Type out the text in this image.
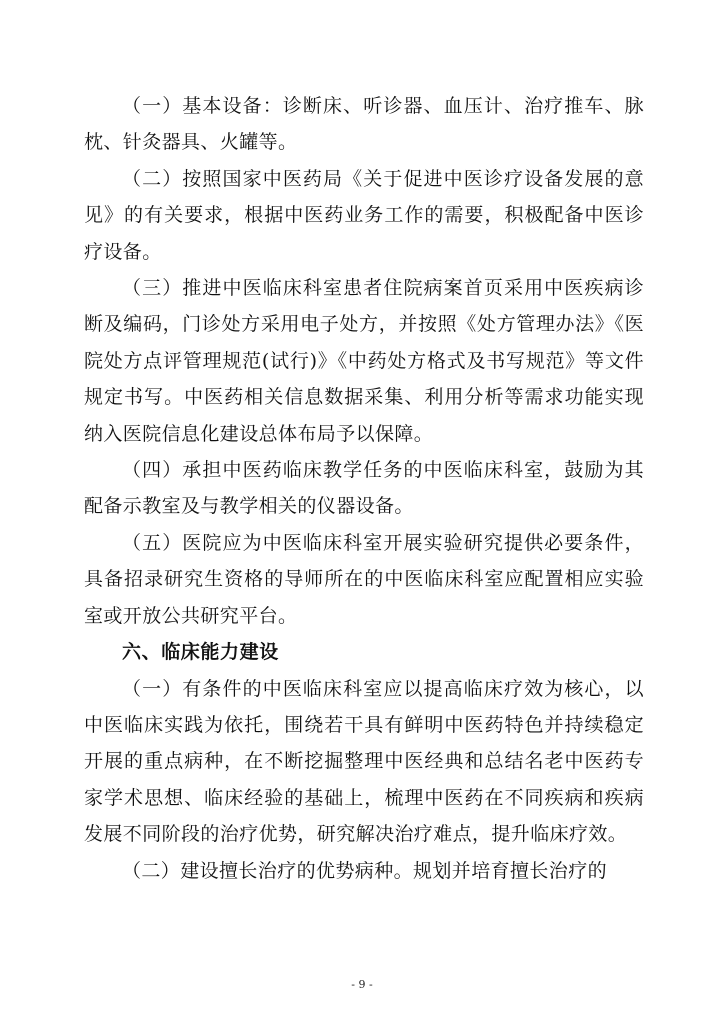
（一）基本设备：诊断床、听诊器、血压计、治疗推车、脉枕、针灸器具、火罐等。

（二）按照国家中医药局《关于促进中医诊疗设备发展的意见》的有关要求，根据中医药业务工作的需要，积极配备中医诊疗设备。

（三）推进中医临床科室患者住院病案首页采用中医疾病诊断及编码，门诊处方采用电子处方，并按照《处方管理办法》《医院处方点评管理规范(试行)》《中药处方格式及书写规范》等文件规定书写。中医药相关信息数据采集、利用分析等需求功能实现纳入医院信息化建设总体布局予以保障。

（四）承担中医药临床教学任务的中医临床科室，鼓励为其配备示教室及与教学相关的仪器设备。

（五）医院应为中医临床科室开展实验研究提供必要条件，具备招录研究生资格的导师所在的中医临床科室应配置相应实验室或开放公共研究平台。

六、临床能力建设

（一）有条件的中医临床科室应以提高临床疗效为核心，以中医临床实践为依托，围绕若干具有鲜明中医药特色并持续稳定开展的重点病种，在不断挖掘整理中医经典和总结名老中医药专家学术思想、临床经验的基础上，梳理中医药在不同疾病和疾病发展不同阶段的治疗优势，研究解决治疗难点，提升临床疗效。

（二）建设擅长治疗的优势病种。规划并培育擅长治疗的

- 9 -
